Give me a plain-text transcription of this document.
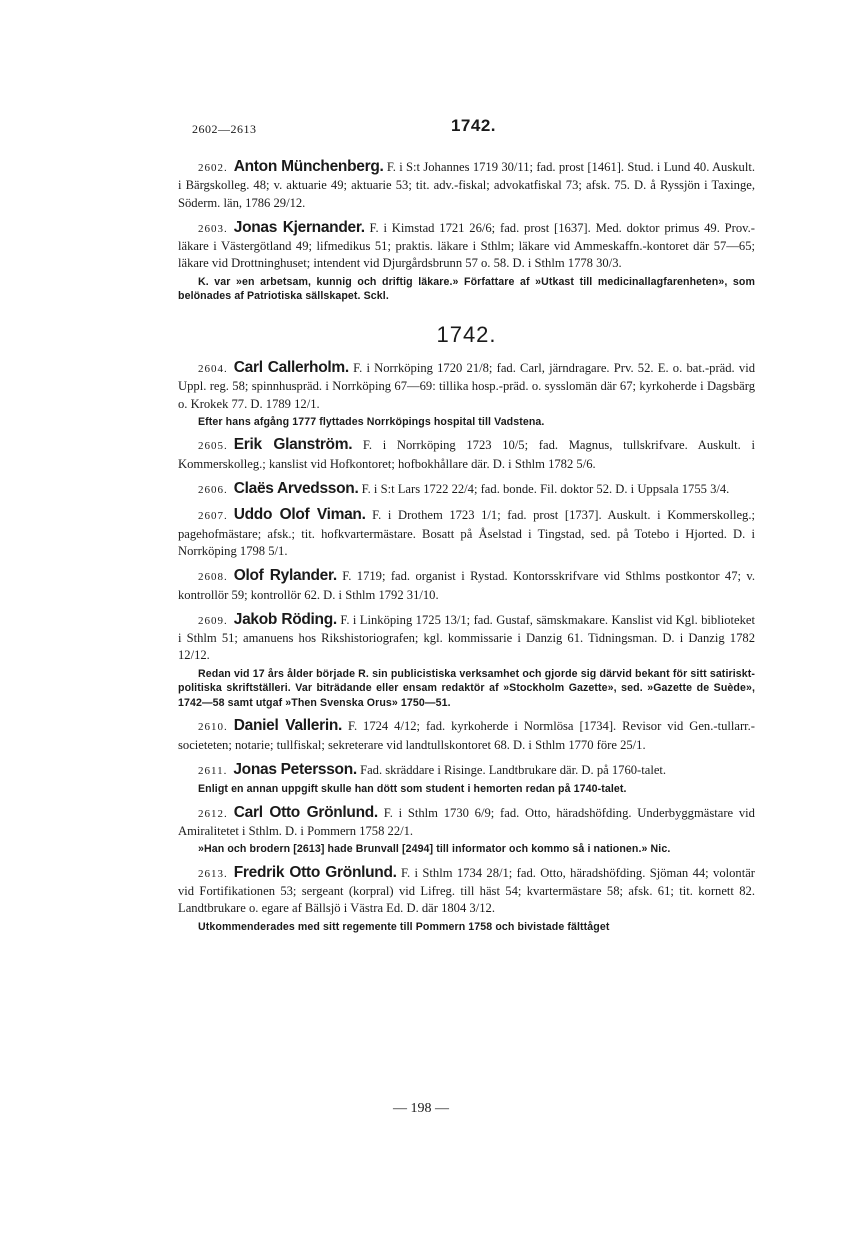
2602—2613	1742.

2602. Anton Münchenberg. F. i S:t Johannes 1719 30/11; fad. prost [1461]. Stud. i Lund 40. Auskult. i Bärgskolleg. 48; v. aktuarie 49; aktuarie 53; tit. adv.-fiskal; advokatfiskal 73; afsk. 75. D. å Ryssjön i Taxinge, Söderm. län, 1786 29/12.

2603. Jonas Kjernander. F. i Kimstad 1721 26/6; fad. prost [1637]. Med. doktor primus 49. Prov.-läkare i Västergötland 49; lifmedikus 51; praktis. läkare i Sthlm; läkare vid Ammeskaffn.-kontoret där 57—65; läkare vid Drottninghuset; intendent vid Djurgårdsbrunn 57 o. 58. D. i Sthlm 1778 30/3.

K. var »en arbetsam, kunnig och driftig läkare.» Författare af »Utkast till medicinallagfarenheten», som belönades af Patriotiska sällskapet. Sckl.

1742.

2604. Carl Callerholm. F. i Norrköping 1720 21/8; fad. Carl, järndragare. Prv. 52. E. o. bat.-präd. vid Uppl. reg. 58; spinnhuspräd. i Norrköping 67—69: tillika hosp.-präd. o. sysslomän där 67; kyrkoherde i Dagsbärg o. Krokek 77. D. 1789 12/1.

Efter hans afgång 1777 flyttades Norrköpings hospital till Vadstena.

2605. Erik Glanström. F. i Norrköping 1723 10/5; fad. Magnus, tullskrifvare. Auskult. i Kommerskolleg.; kanslist vid Hofkontoret; hofbokhållare där. D. i Sthlm 1782 5/6.

2606. Claës Arvedsson. F. i S:t Lars 1722 22/4; fad. bonde. Fil. doktor 52. D. i Uppsala 1755 3/4.

2607. Uddo Olof Viman. F. i Drothem 1723 1/1; fad. prost [1737]. Auskult. i Kommerskolleg.; pagehofmästare; afsk.; tit. hofkvartermästare. Bosatt på Åselstad i Tingstad, sed. på Totebo i Hjorted. D. i Norrköping 1798 5/1.

2608. Olof Rylander. F. 1719; fad. organist i Rystad. Kontorsskrifvare vid Sthlms postkontor 47; v. kontrollör 59; kontrollör 62. D. i Sthlm 1792 31/10.

2609. Jakob Röding. F. i Linköping 1725 13/1; fad. Gustaf, sämskmakare. Kanslist vid Kgl. biblioteket i Sthlm 51; amanuens hos Rikshistoriografen; kgl. kommissarie i Danzig 61. Tidningsman. D. i Danzig 1782 12/12.

Redan vid 17 års ålder började R. sin publicistiska verksamhet och gjorde sig därvid bekant för sitt satiriskt-politiska skriftställeri. Var biträdande eller ensam redaktör af »Stockholm Gazette», sed. »Gazette de Suède», 1742—58 samt utgaf »Then Svenska Orus» 1750—51.

2610. Daniel Vallerin. F. 1724 4/12; fad. kyrkoherde i Normlösa [1734]. Revisor vid Gen.-tullarr.-societeten; notarie; tullfiskal; sekreterare vid landtullskontoret 68. D. i Sthlm 1770 före 25/1.

2611. Jonas Petersson. Fad. skräddare i Risinge. Landtbrukare där. D. på 1760-talet.

Enligt en annan uppgift skulle han dött som student i hemorten redan på 1740-talet.

2612. Carl Otto Grönlund. F. i Sthlm 1730 6/9; fad. Otto, häradshöfding. Underbyggmästare vid Amiralitetet i Sthlm. D. i Pommern 1758 22/1.

»Han och brodern [2613] hade Brunvall [2494] till informator och kommo så i nationen.» Nic.

2613. Fredrik Otto Grönlund. F. i Sthlm 1734 28/1; fad. Otto, häradshöfding. Sjöman 44; volontär vid Fortifikationen 53; sergeant (korpral) vid Lifreg. till häst 54; kvartermästare 58; afsk. 61; tit. kornett 82. Landtbrukare o. egare af Bällsjö i Västra Ed. D. där 1804 3/12.

Utkommenderades med sitt regemente till Pommern 1758 och bivistade fälttåget

— 198 —
